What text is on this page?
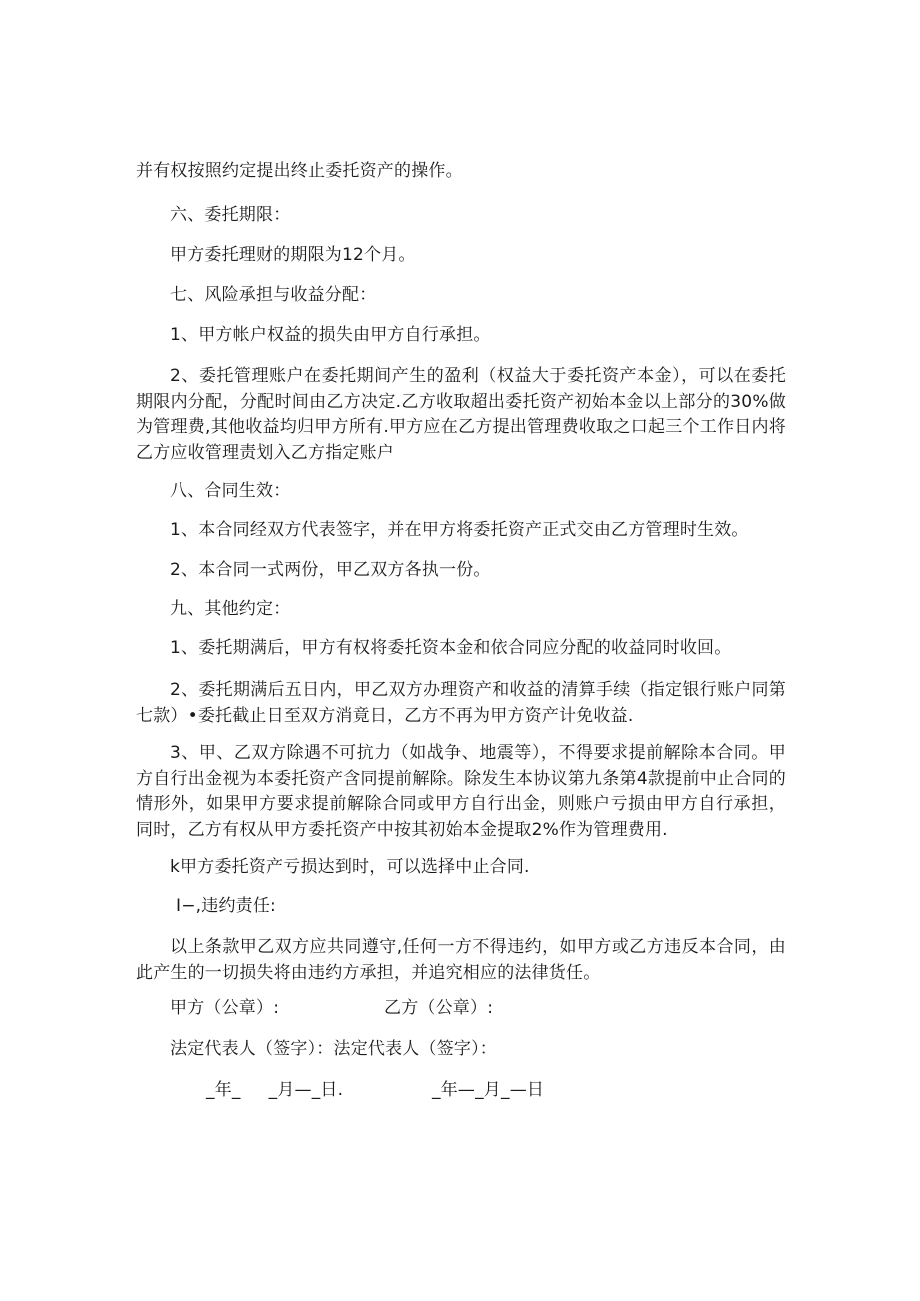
并有权按照约定提出终止委托资产的操作。
六、委托期限：
甲方委托理财的期限为12个月。
七、风险承担与收益分配：
1、甲方帐户权益的损失由甲方自行承担。
2、委托管理账户在委托期间产生的盈利（权益大于委托资产本金），可以在委托期限内分配，分配时间由乙方决定.乙方收取超出委托资产初始本金以上部分的30%做为管理费,其他收益均归甲方所有.甲方应在乙方提出管理费收取之口起三个工作日内将乙方应收管理责划入乙方指定账户
八、合同生效：
1、本合同经双方代表签字，并在甲方将委托资产正式交由乙方管理时生效。
2、本合同一式两份，甲乙双方各执一份。
九、其他约定：
1、委托期满后，甲方有权将委托资本金和依合同应分配的收益同时收回。
2、委托期满后五日内，甲乙双方办理资产和收益的清算手续（指定银行账户同第七款）•委托截止日至双方消竟日，乙方不再为甲方资产计免收益.
3、甲、乙双方除遇不可抗力（如战争、地震等），不得要求提前解除本合同。甲方自行出金视为本委托资产含同提前解除。除发生本协议第九条第4款提前中止合同的情形外，如果甲方要求提前解除合同或甲方自行出金，则账户亏损由甲方自行承担，同时，乙方有权从甲方委托资产中按其初始本金提取2%作为管理费用.
k甲方委托资产亏损达到时，可以选择中止合同.
I−,违约责任:
以上条款甲乙双方应共同遵守,任何一方不得违约，如甲方或乙方违反本合同，由此产生的一切损失将由违约方承担，并追究相应的法律货任。
甲方（公章）:	乙方（公章）:
法定代表人（签字）：法定代表人（签字）：
_年_     _月—_日.	_年—_月_—日
